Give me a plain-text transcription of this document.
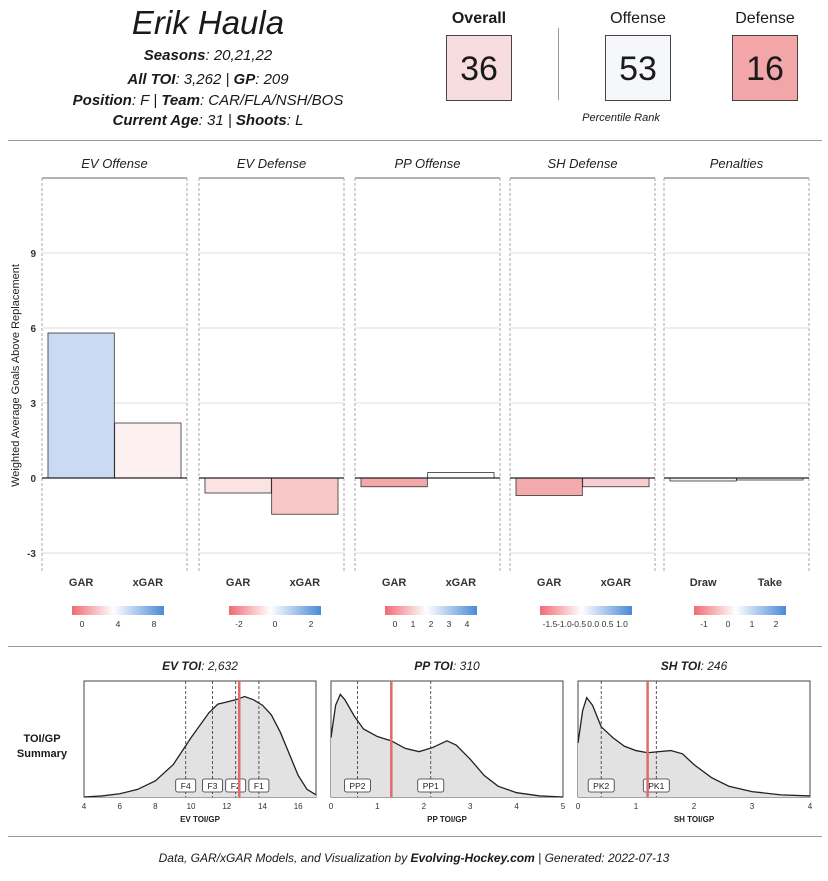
Erik Haula
Seasons: 20,21,22
All TOI: 3,262 | GP: 209
Position: F | Team: CAR/FLA/NSH/BOS
Current Age: 31 | Shoots: L
Overall
36
Offense
53
Defense
16
Percentile Rank
Weighted Average Goals Above Replacement
-3
0
3
6
9
EV Offense
GAR	xGAR
0	4	8
EV Defense
GAR	xGAR
-2	0	2
PP Offense
GAR	xGAR
0 1 2 3 4
SH Defense
GAR	xGAR
-1.5 -1.0 -0.5 0.0 0.5 1.0
Penalties
Draw	Take
-1 0 1 2
TOI/GP Summary
EV TOI: 2,632
F4 F3 F2 F1
4	6	8	10	12	14	16
EV TOI/GP
PP TOI: 310
PP2	PP1
0	1	2	3	4	5
PP TOI/GP
SH TOI: 246
PK2	PK1
0	1	2	3	4
SH TOI/GP
Data, GAR/xGAR Models, and Visualization by Evolving-Hockey.com | Generated: 2022-07-13
